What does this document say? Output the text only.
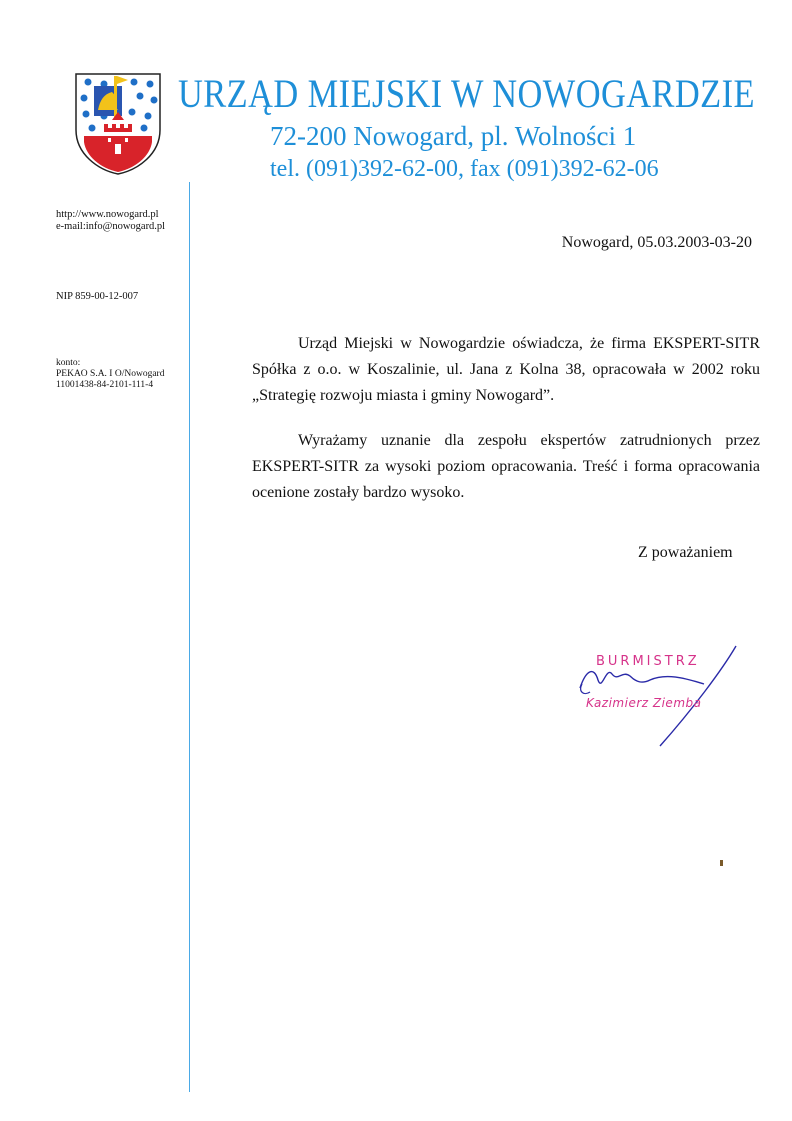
URZĄD MIEJSKI W NOWOGARDZIE
72-200 Nowogard, pl. Wolności 1
tel. (091)392-62-00, fax (091)392-62-06
http://www.nowogard.pl
e-mail:info@nowogard.pl
NIP 859-00-12-007
konto:
PEKAO S.A. I O/Nowogard
11001438-84-2101-111-4
Nowogard, 05.03.2003-03-20

Urząd Miejski w Nowogardzie oświadcza, że firma EKSPERT-SITR Spółka z o.o. w Koszalinie, ul. Jana z Kolna 38, opracowała w 2002 roku „Strategię rozwoju miasta i gminy Nowogard”.

Wyrażamy uznanie dla zespołu ekspertów zatrudnionych przez EKSPERT-SITR za wysoki poziom opracowania. Treść i forma opracowania ocenione zostały bardzo wysoko.

Z poważaniem
BURMISTRZ
Kazimierz Ziemba
